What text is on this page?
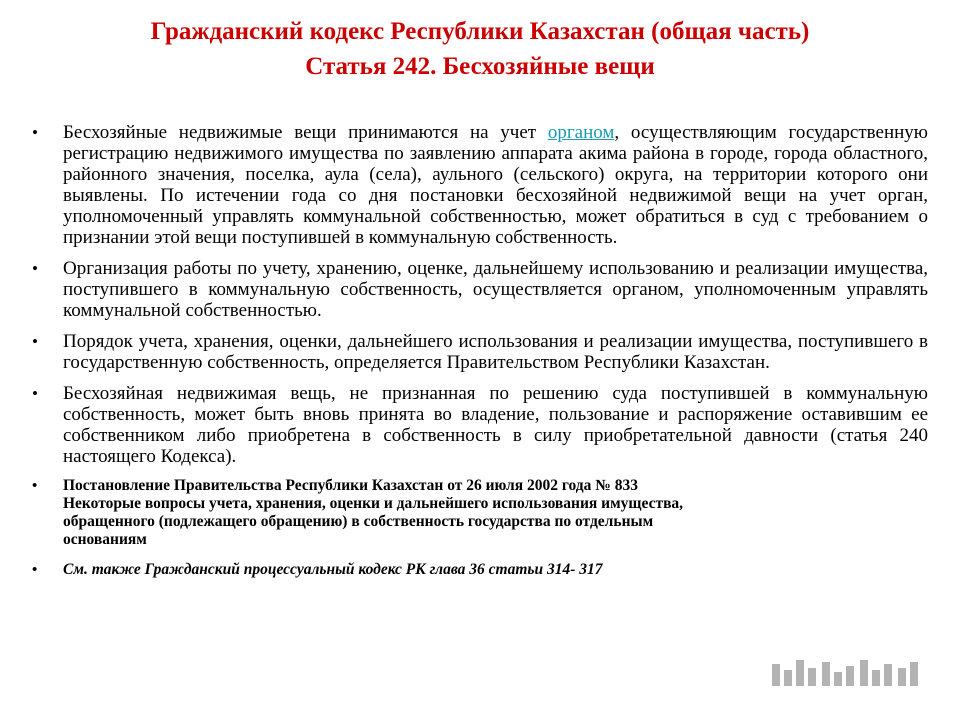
Гражданский кодекс Республики Казахстан (общая часть)
Статья 242. Бесхозяйные вещи
• Бесхозяйные недвижимые вещи принимаются на учет органом, осуществляющим государственную регистрацию недвижимого имущества по заявлению аппарата акима района в городе, города областного, районного значения, поселка, аула (села), аульного (сельского) округа, на территории которого они выявлены. По истечении года со дня постановки бесхозяйной недвижимой вещи на учет орган, уполномоченный управлять коммунальной собственностью, может обратиться в суд с требованием о признании этой вещи поступившей в коммунальную собственность.
• Организация работы по учету, хранению, оценке, дальнейшему использованию и реализации имущества, поступившего в коммунальную собственность, осуществляется органом, уполномоченным управлять коммунальной собственностью.
• Порядок учета, хранения, оценки, дальнейшего использования и реализации имущества, поступившего в государственную собственность, определяется Правительством Республики Казахстан.
• Бесхозяйная недвижимая вещь, не признанная по решению суда поступившей в коммунальную собственность, может быть вновь принята во владение, пользование и распоряжение оставившим ее собственником либо приобретена в собственность в силу приобретательной давности (статья 240 настоящего Кодекса).
• Постановление Правительства Республики Казахстан от 26 июля 2002 года № 833
Некоторые вопросы учета, хранения, оценки и дальнейшего использования имущества,
обращенного (подлежащего обращению) в собственность государства по отдельным
основаниям
• См. также Гражданский процессуальный кодекс РК глава 36 статьи 314- 317
